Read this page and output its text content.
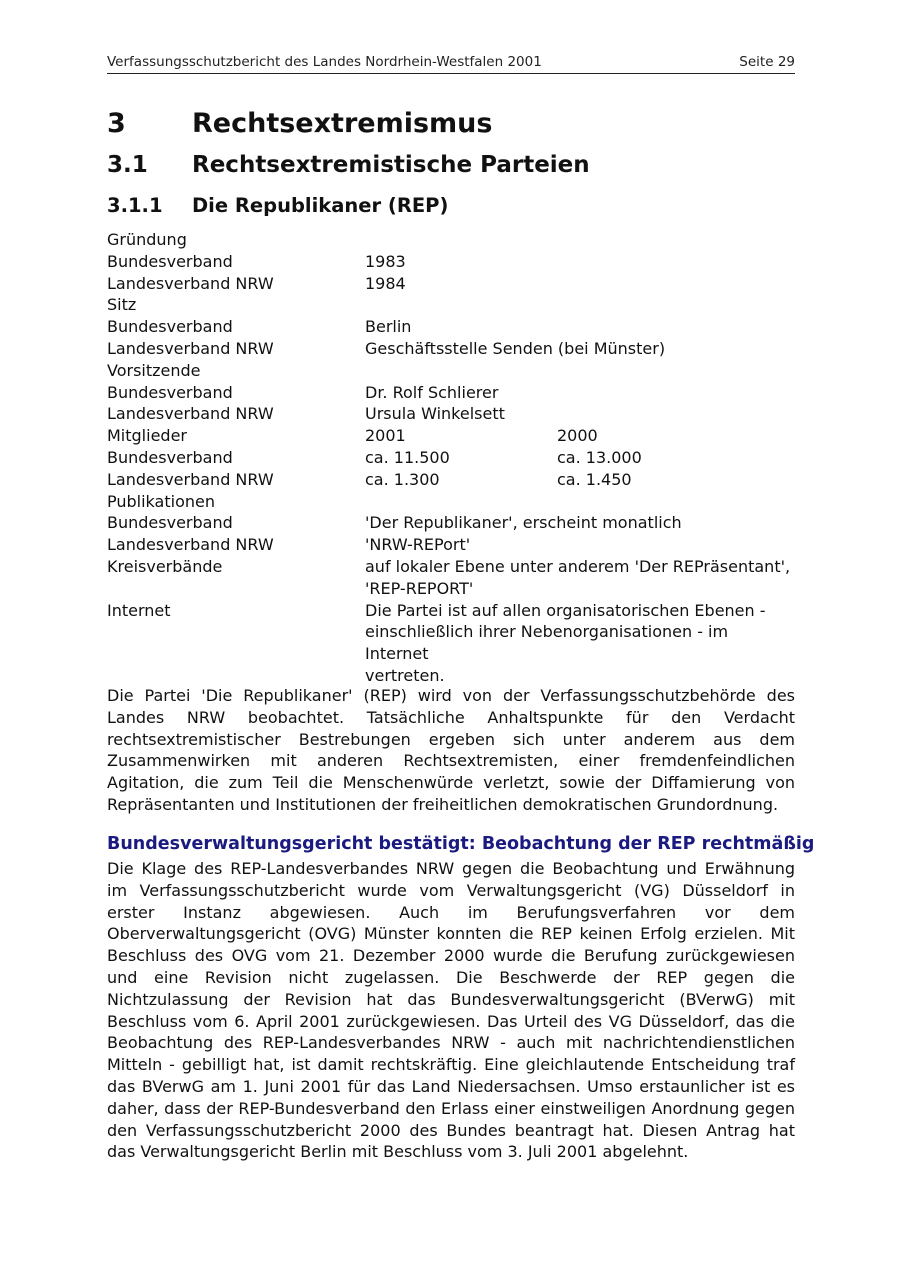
Verfassungsschutzbericht des Landes Nordrhein-Westfalen 2001	Seite 29
3 Rechtsextremismus
3.1 Rechtsextremistische Parteien
3.1.1 Die Republikaner (REP)
Gründung
Bundesverband	1983
Landesverband NRW	1984
Sitz
Bundesverband	Berlin
Landesverband NRW	Geschäftsstelle Senden (bei Münster)
Vorsitzende
Bundesverband	Dr. Rolf Schlierer
Landesverband NRW	Ursula Winkelsett
Mitglieder	2001	2000
Bundesverband	ca. 11.500	ca. 13.000
Landesverband NRW	ca. 1.300	ca. 1.450
Publikationen
Bundesverband	'Der Republikaner', erscheint monatlich
Landesverband NRW	'NRW-REPort'
Kreisverbände	auf lokaler Ebene unter anderem 'Der REPräsentant',
'REP-REPORT'
Internet	Die Partei ist auf allen organisatorischen Ebenen -
einschließlich ihrer Nebenorganisationen - im Internet
vertreten.

Die Partei 'Die Republikaner' (REP) wird von der Verfassungsschutzbehörde des Landes NRW beobachtet. Tatsächliche Anhaltspunkte für den Verdacht rechtsextremistischer Bestrebungen ergeben sich unter anderem aus dem Zusammenwirken mit anderen Rechtsextremisten, einer fremdenfeindlichen Agitation, die zum Teil die Menschenwürde verletzt, sowie der Diffamierung von Repräsentanten und Institutionen der freiheitlichen demokratischen Grundordnung.

Bundesverwaltungsgericht bestätigt: Beobachtung der REP rechtmäßig

Die Klage des REP-Landesverbandes NRW gegen die Beobachtung und Erwähnung im Verfassungsschutzbericht wurde vom Verwaltungsgericht (VG) Düsseldorf in erster Instanz abgewiesen. Auch im Berufungsverfahren vor dem Oberverwaltungsgericht (OVG) Münster konnten die REP keinen Erfolg erzielen. Mit Beschluss des OVG vom 21. Dezember 2000 wurde die Berufung zurückgewiesen und eine Revision nicht zugelassen. Die Beschwerde der REP gegen die Nichtzulassung der Revision hat das Bundesverwaltungsgericht (BVerwG) mit Beschluss vom 6. April 2001 zurückgewiesen. Das Urteil des VG Düsseldorf, das die Beobachtung des REP-Landesverbandes NRW - auch mit nachrichtendienstlichen Mitteln - gebilligt hat, ist damit rechtskräftig. Eine gleichlautende Entscheidung traf das BVerwG am 1. Juni 2001 für das Land Niedersachsen. Umso erstaunlicher ist es daher, dass der REP-Bundesverband den Erlass einer einstweiligen Anordnung gegen den Verfassungsschutzbericht 2000 des Bundes beantragt hat. Diesen Antrag hat das Verwaltungsgericht Berlin mit Beschluss vom 3. Juli 2001 abgelehnt.
